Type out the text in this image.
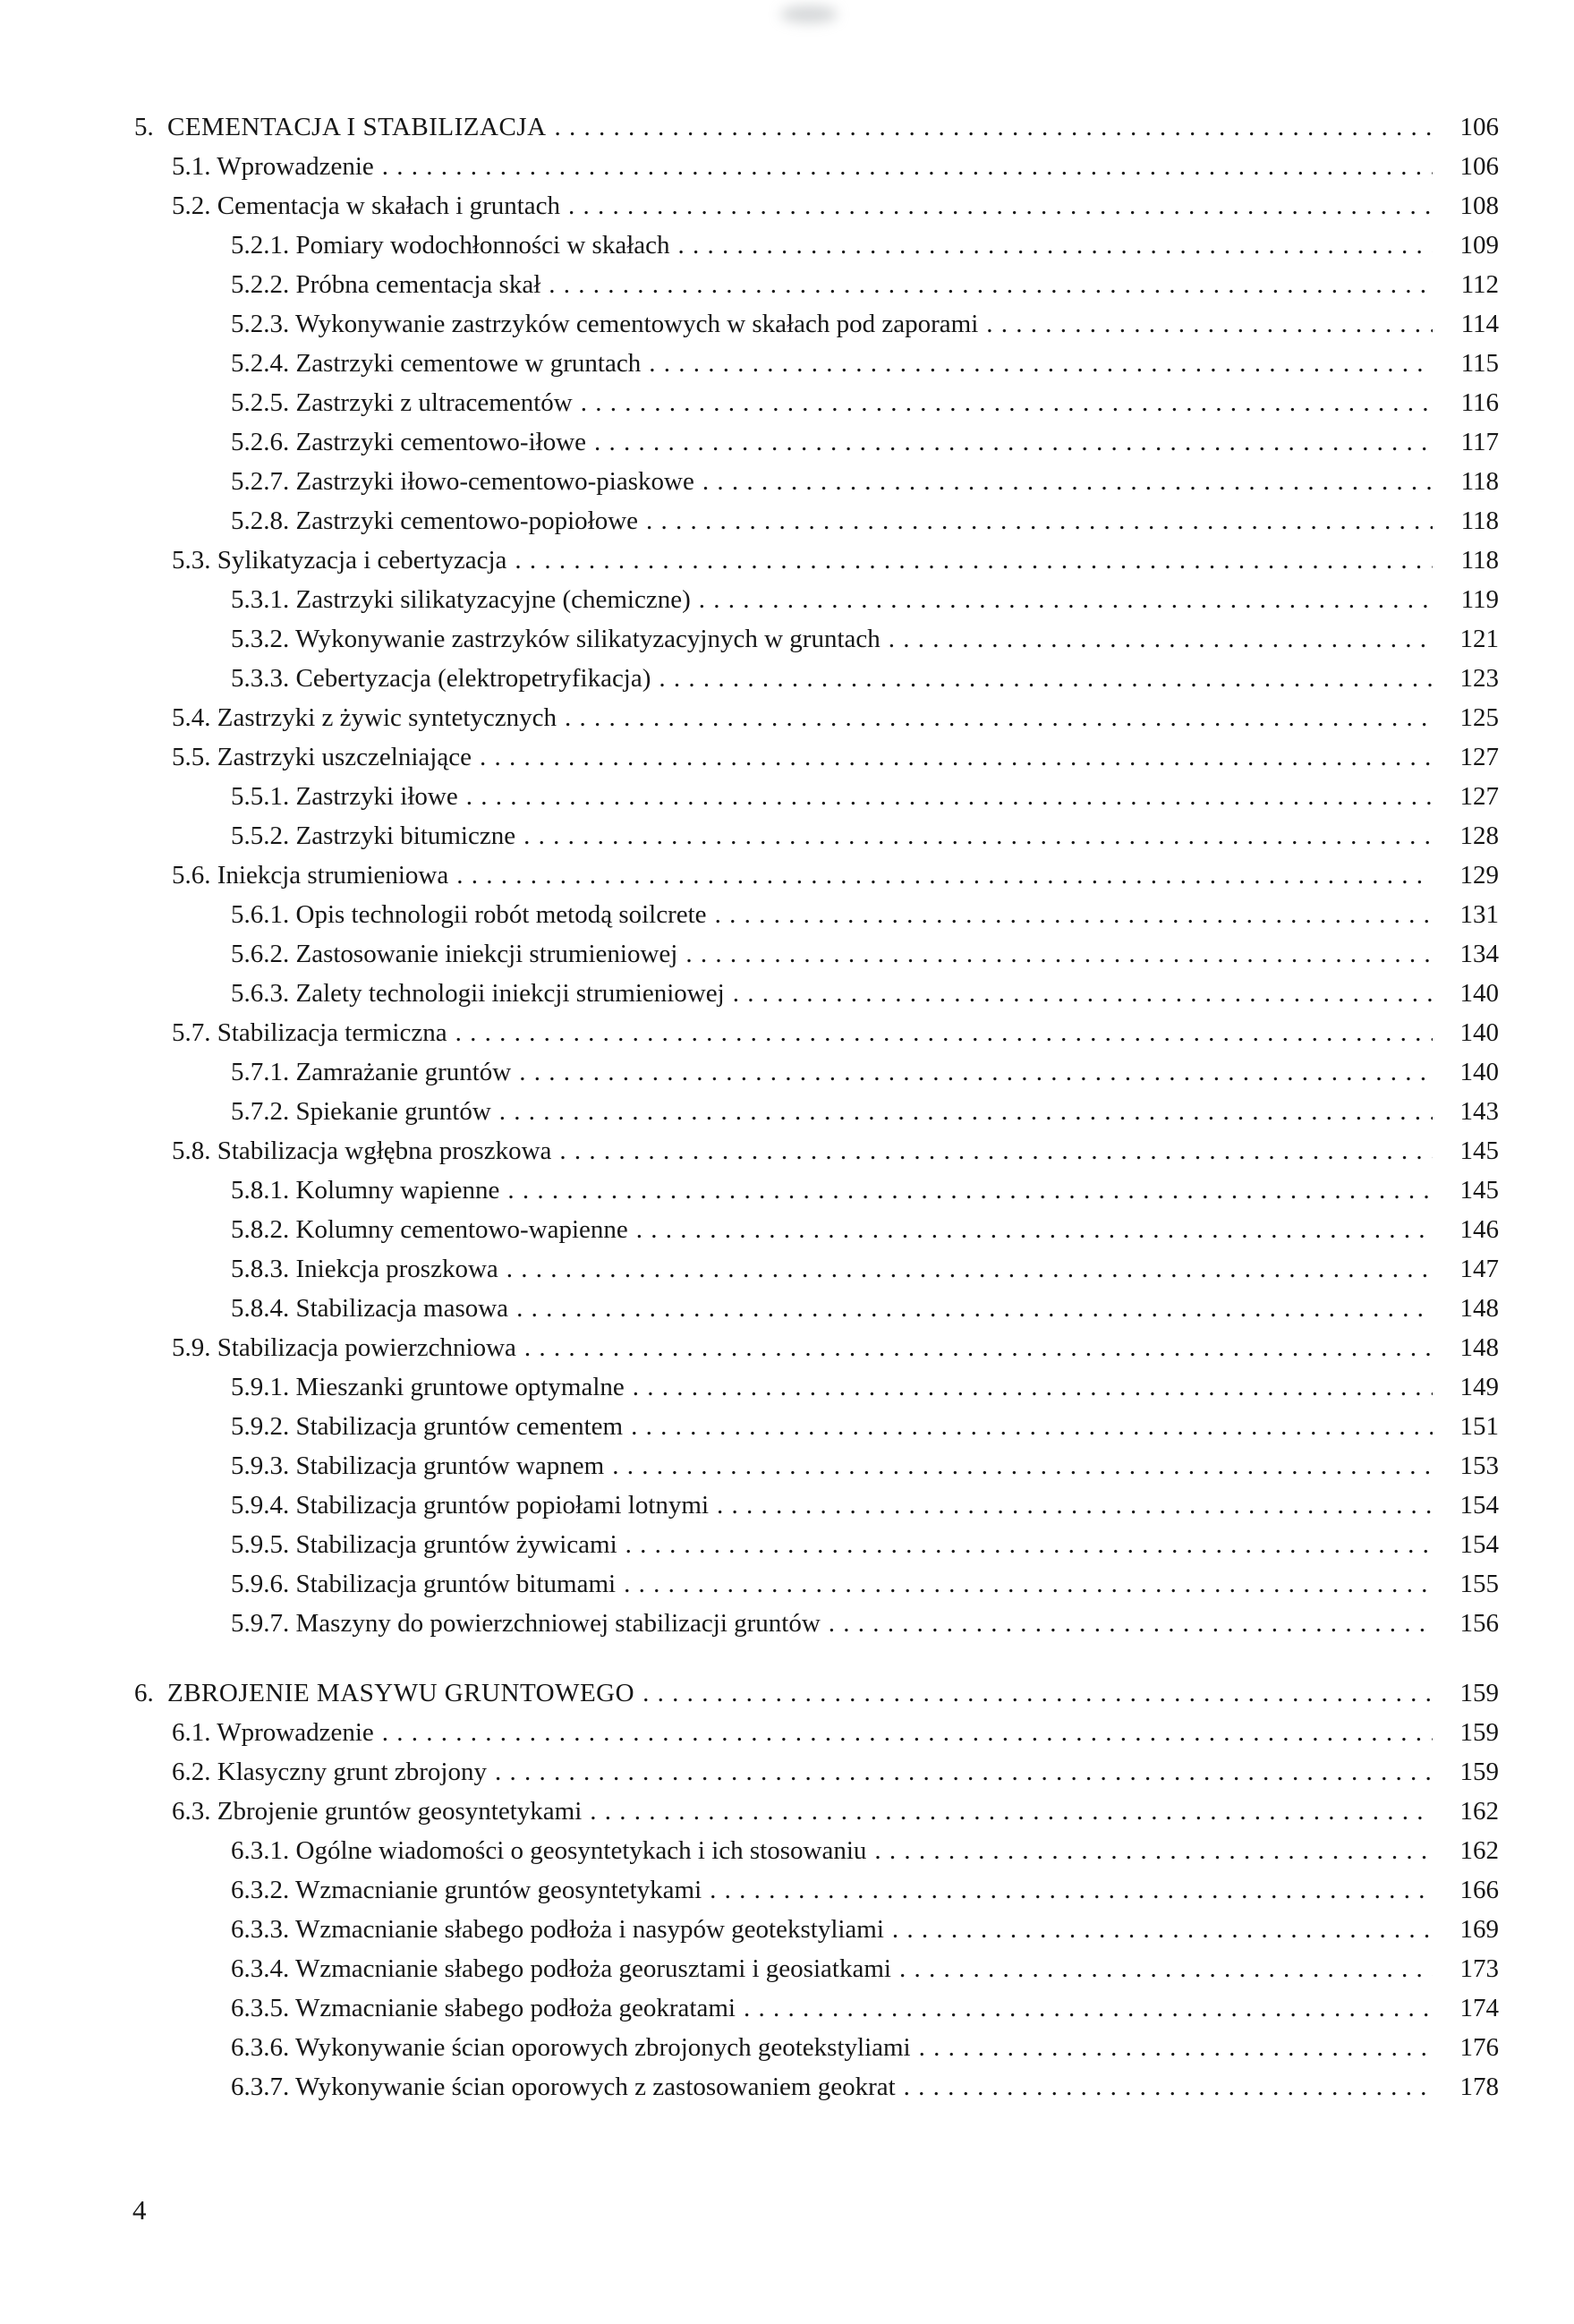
5. CEMENTACJA I STABILIZACJA . . .	106
5.1. Wprowadzenie . . .	106
5.2. Cementacja w skałach i gruntach . . .	108
5.2.1. Pomiary wodochłonności w skałach . . .	109
5.2.2. Próbna cementacja skał . . .	112
5.2.3. Wykonywanie zastrzyków cementowych w skałach pod zaporami . . .	114
5.2.4. Zastrzyki cementowe w gruntach . . .	115
5.2.5. Zastrzyki z ultracementów . . .	116
5.2.6. Zastrzyki cementowo-iłowe . . .	117
5.2.7. Zastrzyki iłowo-cementowo-piaskowe . . .	118
5.2.8. Zastrzyki cementowo-popiołowe . . .	118
5.3. Sylikatyzacja i cebertyzacja . . .	118
5.3.1. Zastrzyki silikatyzacyjne (chemiczne) . . .	119
5.3.2. Wykonywanie zastrzyków silikatyzacyjnych w gruntach . . .	121
5.3.3. Cebertyzacja (elektropetryfikacja) . . .	123
5.4. Zastrzyki z żywic syntetycznych . . .	125
5.5. Zastrzyki uszczelniające . . .	127
5.5.1. Zastrzyki iłowe . . .	127
5.5.2. Zastrzyki bitumiczne . . .	128
5.6. Iniekcja strumieniowa . . .	129
5.6.1. Opis technologii robót metodą soilcrete . . .	131
5.6.2. Zastosowanie iniekcji strumieniowej . . .	134
5.6.3. Zalety technologii iniekcji strumieniowej . . .	140
5.7. Stabilizacja termiczna . . .	140
5.7.1. Zamrażanie gruntów . . .	140
5.7.2. Spiekanie gruntów . . .	143
5.8. Stabilizacja wgłębna proszkowa . . .	145
5.8.1. Kolumny wapienne . . .	145
5.8.2. Kolumny cementowo-wapienne . . .	146
5.8.3. Iniekcja proszkowa . . .	147
5.8.4. Stabilizacja masowa . . .	148
5.9. Stabilizacja powierzchniowa . . .	148
5.9.1. Mieszanki gruntowe optymalne . . .	149
5.9.2. Stabilizacja gruntów cementem . . .	151
5.9.3. Stabilizacja gruntów wapnem . . .	153
5.9.4. Stabilizacja gruntów popiołami lotnymi . . .	154
5.9.5. Stabilizacja gruntów żywicami . . .	154
5.9.6. Stabilizacja gruntów bitumami . . .	155
5.9.7. Maszyny do powierzchniowej stabilizacji gruntów . . .	156
6. ZBROJENIE MASYWU GRUNTOWEGO . . .	159
6.1. Wprowadzenie . . .	159
6.2. Klasyczny grunt zbrojony . . .	159
6.3. Zbrojenie gruntów geosyntetykami . . .	162
6.3.1. Ogólne wiadomości o geosyntetykach i ich stosowaniu . . .	162
6.3.2. Wzmacnianie gruntów geosyntetykami . . .	166
6.3.3. Wzmacnianie słabego podłoża i nasypów geotekstyliami . . .	169
6.3.4. Wzmacnianie słabego podłoża georusztami i geosiatkami . . .	173
6.3.5. Wzmacnianie słabego podłoża geokratami . . .	174
6.3.6. Wykonywanie ścian oporowych zbrojonych geotekstyliami . . .	176
6.3.7. Wykonywanie ścian oporowych z zastosowaniem geokrat . . .	178
4
